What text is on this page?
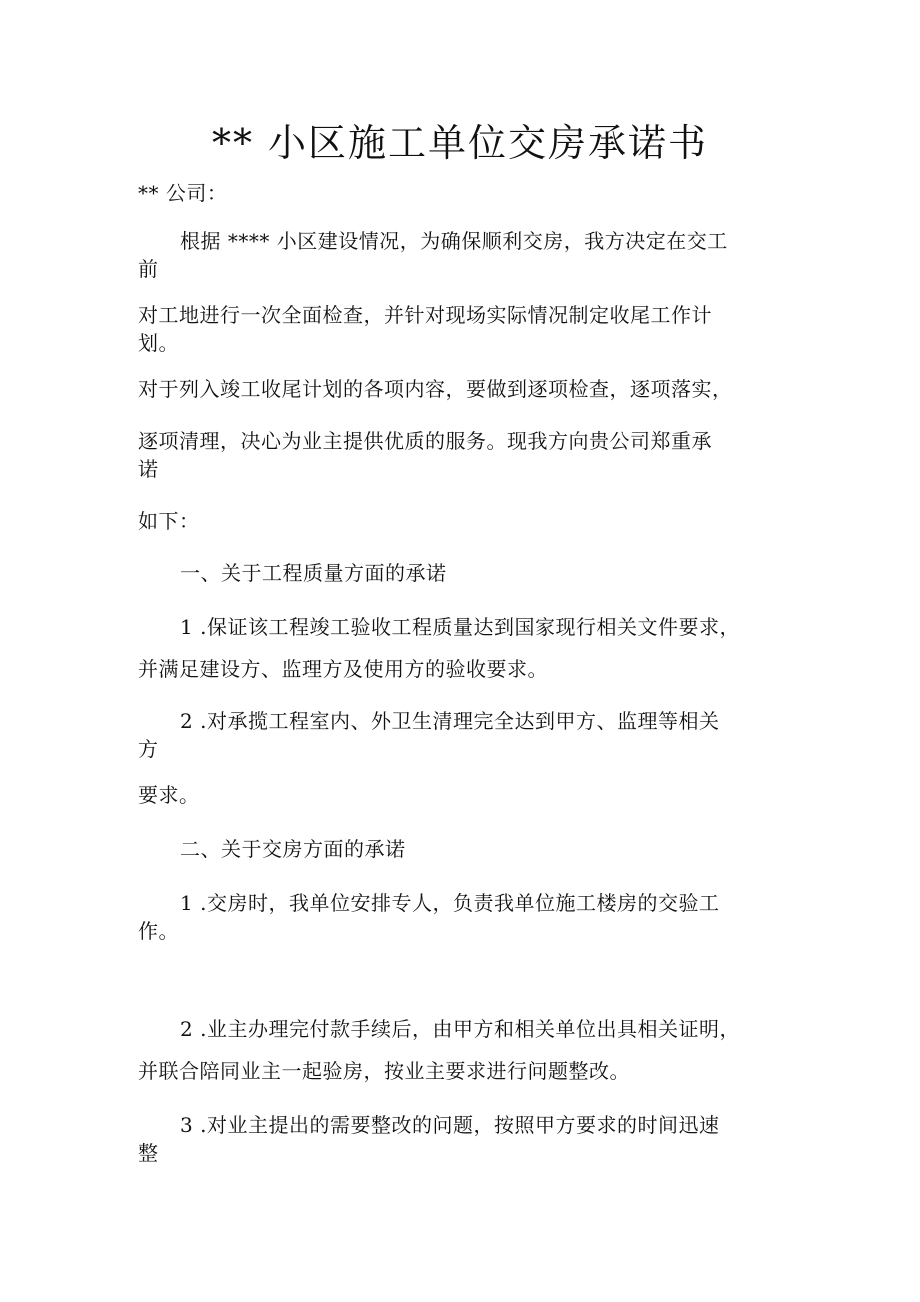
** 小区施工单位交房承诺书
** 公司：
根据 **** 小区建设情况，为确保顺利交房，我方决定在交工
前
对工地进行一次全面检查，并针对现场实际情况制定收尾工作计
划。
对于列入竣工收尾计划的各项内容，要做到逐项检查，逐项落实，
逐项清理，决心为业主提供优质的服务。现我方向贵公司郑重承
诺
如下：
一、关于工程质量方面的承诺
1 .保证该工程竣工验收工程质量达到国家现行相关文件要求，
并满足建设方、监理方及使用方的验收要求。
2 .对承揽工程室内、外卫生清理完全达到甲方、监理等相关
方
要求。
二、关于交房方面的承诺
1 .交房时，我单位安排专人，负责我单位施工楼房的交验工
作。
2 .业主办理完付款手续后，由甲方和相关单位出具相关证明，
并联合陪同业主一起验房，按业主要求进行问题整改。
3 .对业主提出的需要整改的问题，按照甲方要求的时间迅速
整
